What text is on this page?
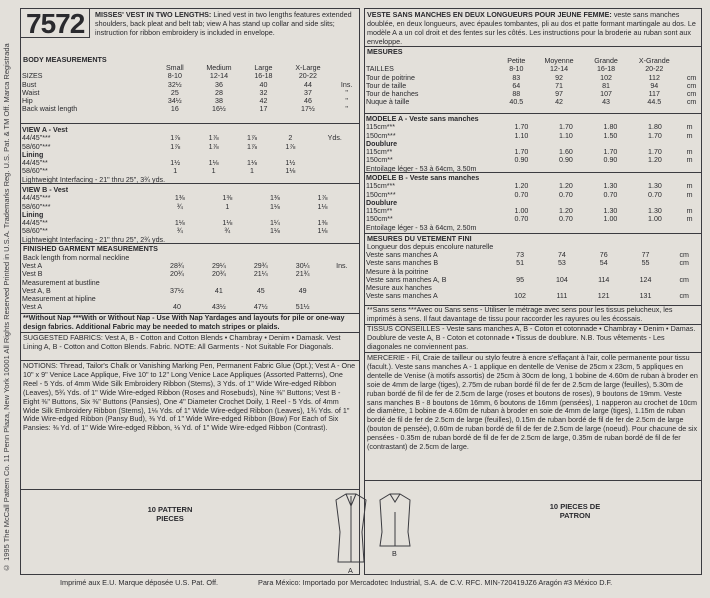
© 1995 The McCall Pattern Co. 11 Penn Plaza, New York 10001 All Rights Reserved Printed in U.S.A. Trademarks Reg. U.S. Pat. & TM Off. Marca Registrada
7572 MISSES' VEST IN TWO LENGTHS: Lined vest in two lengths features extended shoulders, back pleat and belt tab; view A has stand up collar and side slits; instruction for ribbon embroidery is included in envelope.
BODY MEASUREMENTS
	Small	Medium	Large	X-Large	
SIZES	8-10	12-14	16-18	20-22	
Bust	32½	36	40	44	Ins.
Waist	25	28	32	37	"
Hip	34½	38	42	46	"
Back waist length	16	16½	17	17½	"
VIEW A - Vest					
44/45"***	1⅞	1⅞	1⅞	2	Yds.
58/60"***	1⅞	1⅞	1⅞	1⅞	
Lining					
44/45"**	1½	1⅛	1⅛	1½	
58/60"**	1	1	1	1⅛	
Lightweight Interfacing - 21" thru 25", 3¾ yds.					
VIEW B - Vest					
44/45"***	1⅜	1⅜	1⅜	1⅞	
58/60"***	¾	1	1⅛	1⅛	
Lining					
44/45"**	1⅛	1⅛	1¼	1⅜	
58/60"**	¾	¾	1⅛	1⅛	
Lightweight Interfacing - 21" thru 25", 2¾ yds.					
FINISHED GARMENT MEASUREMENTS
Back length from normal neckline
Vest A	28¾	29¼	29¾	30¼	Ins.
Vest B	20¾	20¾	21¼	21¾	
Measurement at bustline					
Vest A, B	37½	41	45	49	
Measurement at hipline					
Vest A	40	43½	47½	51½	
**Without Nap ***With or Without Nap - Use With Nap Yardages and layouts for pile or one-way design fabrics. Additional Fabric may be needed to match stripes or plaids.
SUGGESTED FABRICS: Vest A, B - Cotton and Cotton Blends • Chambray • Denim • Damask. Vest Lining A, B - Cotton and Cotton Blends. Fabric. NOTE: All Garments - Not Suitable For Diagonals.
NOTIONS: Thread, Tailor's Chalk or Vanishing Marking Pen, Permanent Fabric Glue (Opt.); Vest A - One 10" x 9" Venice Lace Applique, Five 10" to 12" Long Venice Lace Appliques (Assorted Patterns), One Reel - 5 Yds. of 4mm Wide Silk Embroidery Ribbon (Stems), 3 Yds. of 1" Wide Wire-edged Ribbon (Leaves), 5¾ Yds. of 1" Wide Wire-edged Ribbon (Roses and Rosebuds), Nine ⅜" Buttons; Vest B - Eight ⅜" Buttons, Six ⅜" Buttons (Pansies), One 4" Diameter Crochet Doily, 1 Reel - 5 Yds. of 4mm Wide Silk Embroidery Ribbon (Stems), 1⅛ Yds. of 1" Wide Wire-edged Ribbon (Leaves), 1¾ Yds. of 1" Wide Wire-edged Ribbon (Pansy Bud), ⅜ Yd. of 1" Wide Wire-edged Ribbon (Bow) For Each of Six Pansies: ⅜ Yd. of 1" Wide Wire-edged Ribbon, ⅛ Yd. of 1" Wide Wire-edged Ribbon (Contrast).
10 PATTERN PIECES
Imprimé aux E.U. Marque déposée U.S. Pat. Off.
A
B
VESTE SANS MANCHES EN DEUX LONGUEURS POUR JEUNE FEMME: veste sans manches doublée, en deux longueurs, avec épaules tombantes, pli au dos et patte formant martingale au dos. Le modèle A a un col droit et des fentes sur les côtés. Les instructions pour la broderie au ruban sont aux enveloppe.
MESURES
	Petite	Moyenne	Grande	X-Grande	
TAILLES	8-10	12-14	16-18	20-22	
Tour de poitrine	83	92	102	112	cm
Tour de taille	64	71	81	94	cm
Tour de hanches	88	97	107	117	cm
Nuque à taille	40.5	42	43	44.5	cm
MODELE A - Veste sans manches					
115cm***	1.70	1.70	1.80	1.80	m
150cm***	1.10	1.10	1.50	1.70	m
Doublure					
115cm**	1.70	1.60	1.70	1.70	m
150cm**	0.90	0.90	0.90	1.20	m
Entoilage léger - 53 à 64cm, 3.50m					
MODELE B - Veste sans manches					
115cm***	1.20	1.20	1.30	1.30	m
150cm***	0.70	0.70	0.70	0.70	m
Doublure					
115cm**	1.00	1.20	1.30	1.30	m
150cm**	0.70	0.70	1.00	1.00	m
Entoilage léger - 53 à 64cm, 2.50m					
MESURES DU VETEMENT FINI
Longueur dos depuis encolure naturelle
Veste sans manches A	73	74	76	77	cm
Veste sans manches B	51	53	54	55	cm
Mesure à la poitrine					
Veste sans manches A, B	95	104	114	124	cm
Mesure aux hanches					
Veste sans manches A	102	111	121	131	cm
**Sans sens ***Avec ou Sans sens - Utiliser le métrage avec sens pour les tissus pelucheux, les imprimés à sens. Il faut davantage de tissu pour raccorder les rayures ou les écossais.
TISSUS CONSEILLES - Veste sans manches A, B - Coton et cotonnade • Chambray • Denim • Damas. Doublure de veste A, B - Coton et cotonnade • Tissus de doublure. N.B. Tous vêtements - Les diagonales ne conviennent pas.
MERCERIE - Fil, Craie de tailleur ou stylo feutre à encre s'effaçant à l'air, colle permanente pour tissu (facult.). Veste sans manches A - 1 applique en dentelle de Venise de 25cm x 23cm, 5 appliques en dentelle de Venise (à motifs assortis) de 25cm à 30cm de long, 1 bobine de 4.60m de ruban à broder en soie de 4mm de large (tiges), 2.75m de ruban bordé fil de fer de 2.5cm de large (feuilles), 5.30m de ruban bordé de fil de fer de 2.5cm de large (roses et boutons de roses), 9 boutons de 19mm. Veste sans manches B - 8 boutons de 16mm, 6 boutons de 16mm (pensées), 1 napperon au crochet de 10cm de diamètre, 1 bobine de 4.60m de ruban à broder en soie de 4mm de large (tiges), 1.15m de ruban bordé de fil de fer de 2.5cm de large (feuilles), 0.15m de ruban bordé de fil de fer de 2.5cm de large (bouton de pensée), 0.60m de ruban bordé de fil de fer de 2.5cm de large (noeud). Pour chacune de six pensées - 0.35m de ruban bordé de fil de fer de 2.5cm de large, 0.35m de ruban bordé de fil de fer (contrastant) de 2.5cm de large.
10 PIECES DE PATRON
Para México: Importado por Mercadotec Industrial, S.A. de C.V. RFC. MIN-720419JZ6 Aragón #3 México D.F.
